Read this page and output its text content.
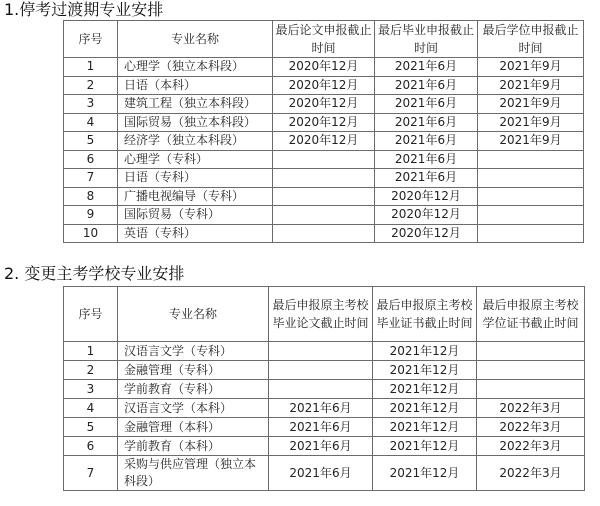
1.停考过渡期专业安排
序号	专业名称	最后论文申报截止时间	最后毕业申报截止时间	最后学位申报截止时间
1	心理学（独立本科段）	2020年12月	2021年6月	2021年9月
2	日语（本科）	2020年12月	2021年6月	2021年9月
3	建筑工程（独立本科段）	2020年12月	2021年6月	2021年9月
4	国际贸易（独立本科段）	2020年12月	2021年6月	2021年9月
5	经济学（独立本科段）	2020年12月	2021年6月	2021年9月
6	心理学（专科）		2021年6月	
7	日语（专科）		2021年6月	
8	广播电视编导（专科）		2020年12月	
9	国际贸易（专科）		2020年12月	
10	英语（专科）		2020年12月	
2. 变更主考学校专业安排
序号	专业名称	最后申报原主考校毕业论文截止时间	最后申报原主考校毕业证书截止时间	最后申报原主考校学位证书截止时间
1	汉语言文学（专科）		2021年12月	
2	金融管理（专科）		2021年12月	
3	学前教育（专科）		2021年12月	
4	汉语言文学（本科）	2021年6月	2021年12月	2022年3月
5	金融管理（本科）	2021年6月	2021年12月	2022年3月
6	学前教育（本科）	2021年6月	2021年12月	2022年3月
7	采购与供应管理（独立本科段）	2021年6月	2021年12月	2022年3月
